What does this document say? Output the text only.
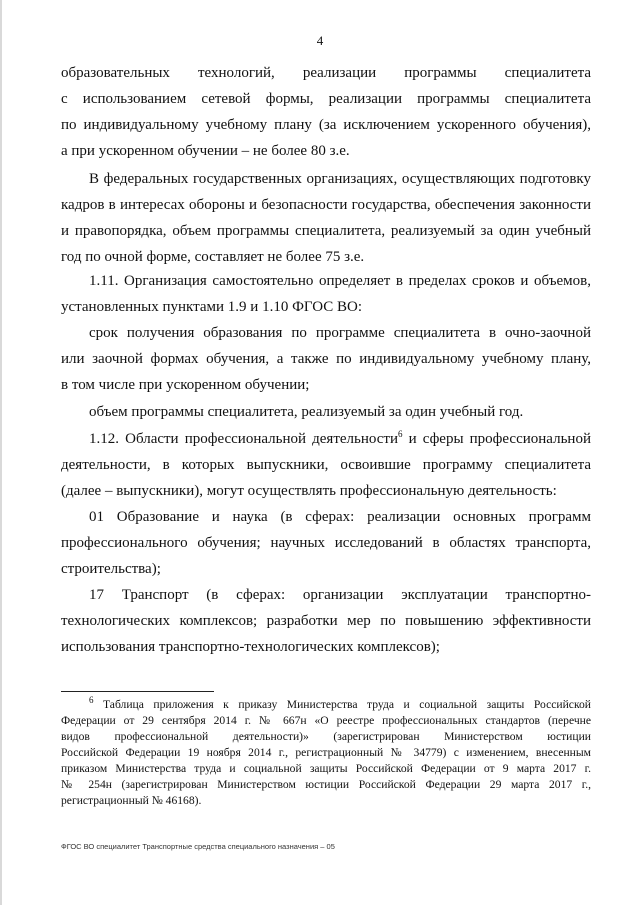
4
образовательных технологий, реализации программы специалитета
с использованием сетевой формы, реализации программы специалитета
по индивидуальному учебному плану (за исключением ускоренного обучения),
а при ускоренном обучении – не более 80 з.е.
В федеральных государственных организациях, осуществляющих подготовку
кадров в интересах обороны и безопасности государства, обеспечения законности
и правопорядка, объем программы специалитета, реализуемый за один учебный
год по очной форме, составляет не более 75 з.е.
1.11. Организация самостоятельно определяет в пределах сроков и объемов,
установленных пунктами 1.9 и 1.10 ФГОС ВО:
срок получения образования по программе специалитета в очно-заочной
или заочной формах обучения, а также по индивидуальному учебному плану,
в том числе при ускоренном обучении;
объем программы специалитета, реализуемый за один учебный год.
1.12. Области профессиональной деятельности$^6$ и сферы профессиональной
деятельности, в которых выпускники, освоившие программу специалитета
(далее – выпускники), могут осуществлять профессиональную деятельность:
01 Образование и наука (в сферах: реализации основных программ
профессионального обучения; научных исследований в областях транспорта,
строительства);
17 Транспорт (в сферах: организации эксплуатации транспортно-
технологических комплексов; разработки мер по повышению эффективности
использования транспортно-технологических комплексов);
$^6$ Таблица приложения к приказу Министерства труда и социальной защиты Российской
Федерации от 29 сентября 2014 г. № 667н «О реестре профессиональных стандартов (перечне
видов профессиональной деятельности)» (зарегистрирован Министерством юстиции
Российской Федерации 19 ноября 2014 г., регистрационный № 34779) с изменением, внесенным
приказом Министерства труда и социальной защиты Российской Федерации от 9 марта 2017 г.
№ 254н (зарегистрирован Министерством юстиции Российской Федерации 29 марта 2017 г.,
регистрационный № 46168).
ФГОС ВО специалитет Транспортные средства специального назначения – 05
